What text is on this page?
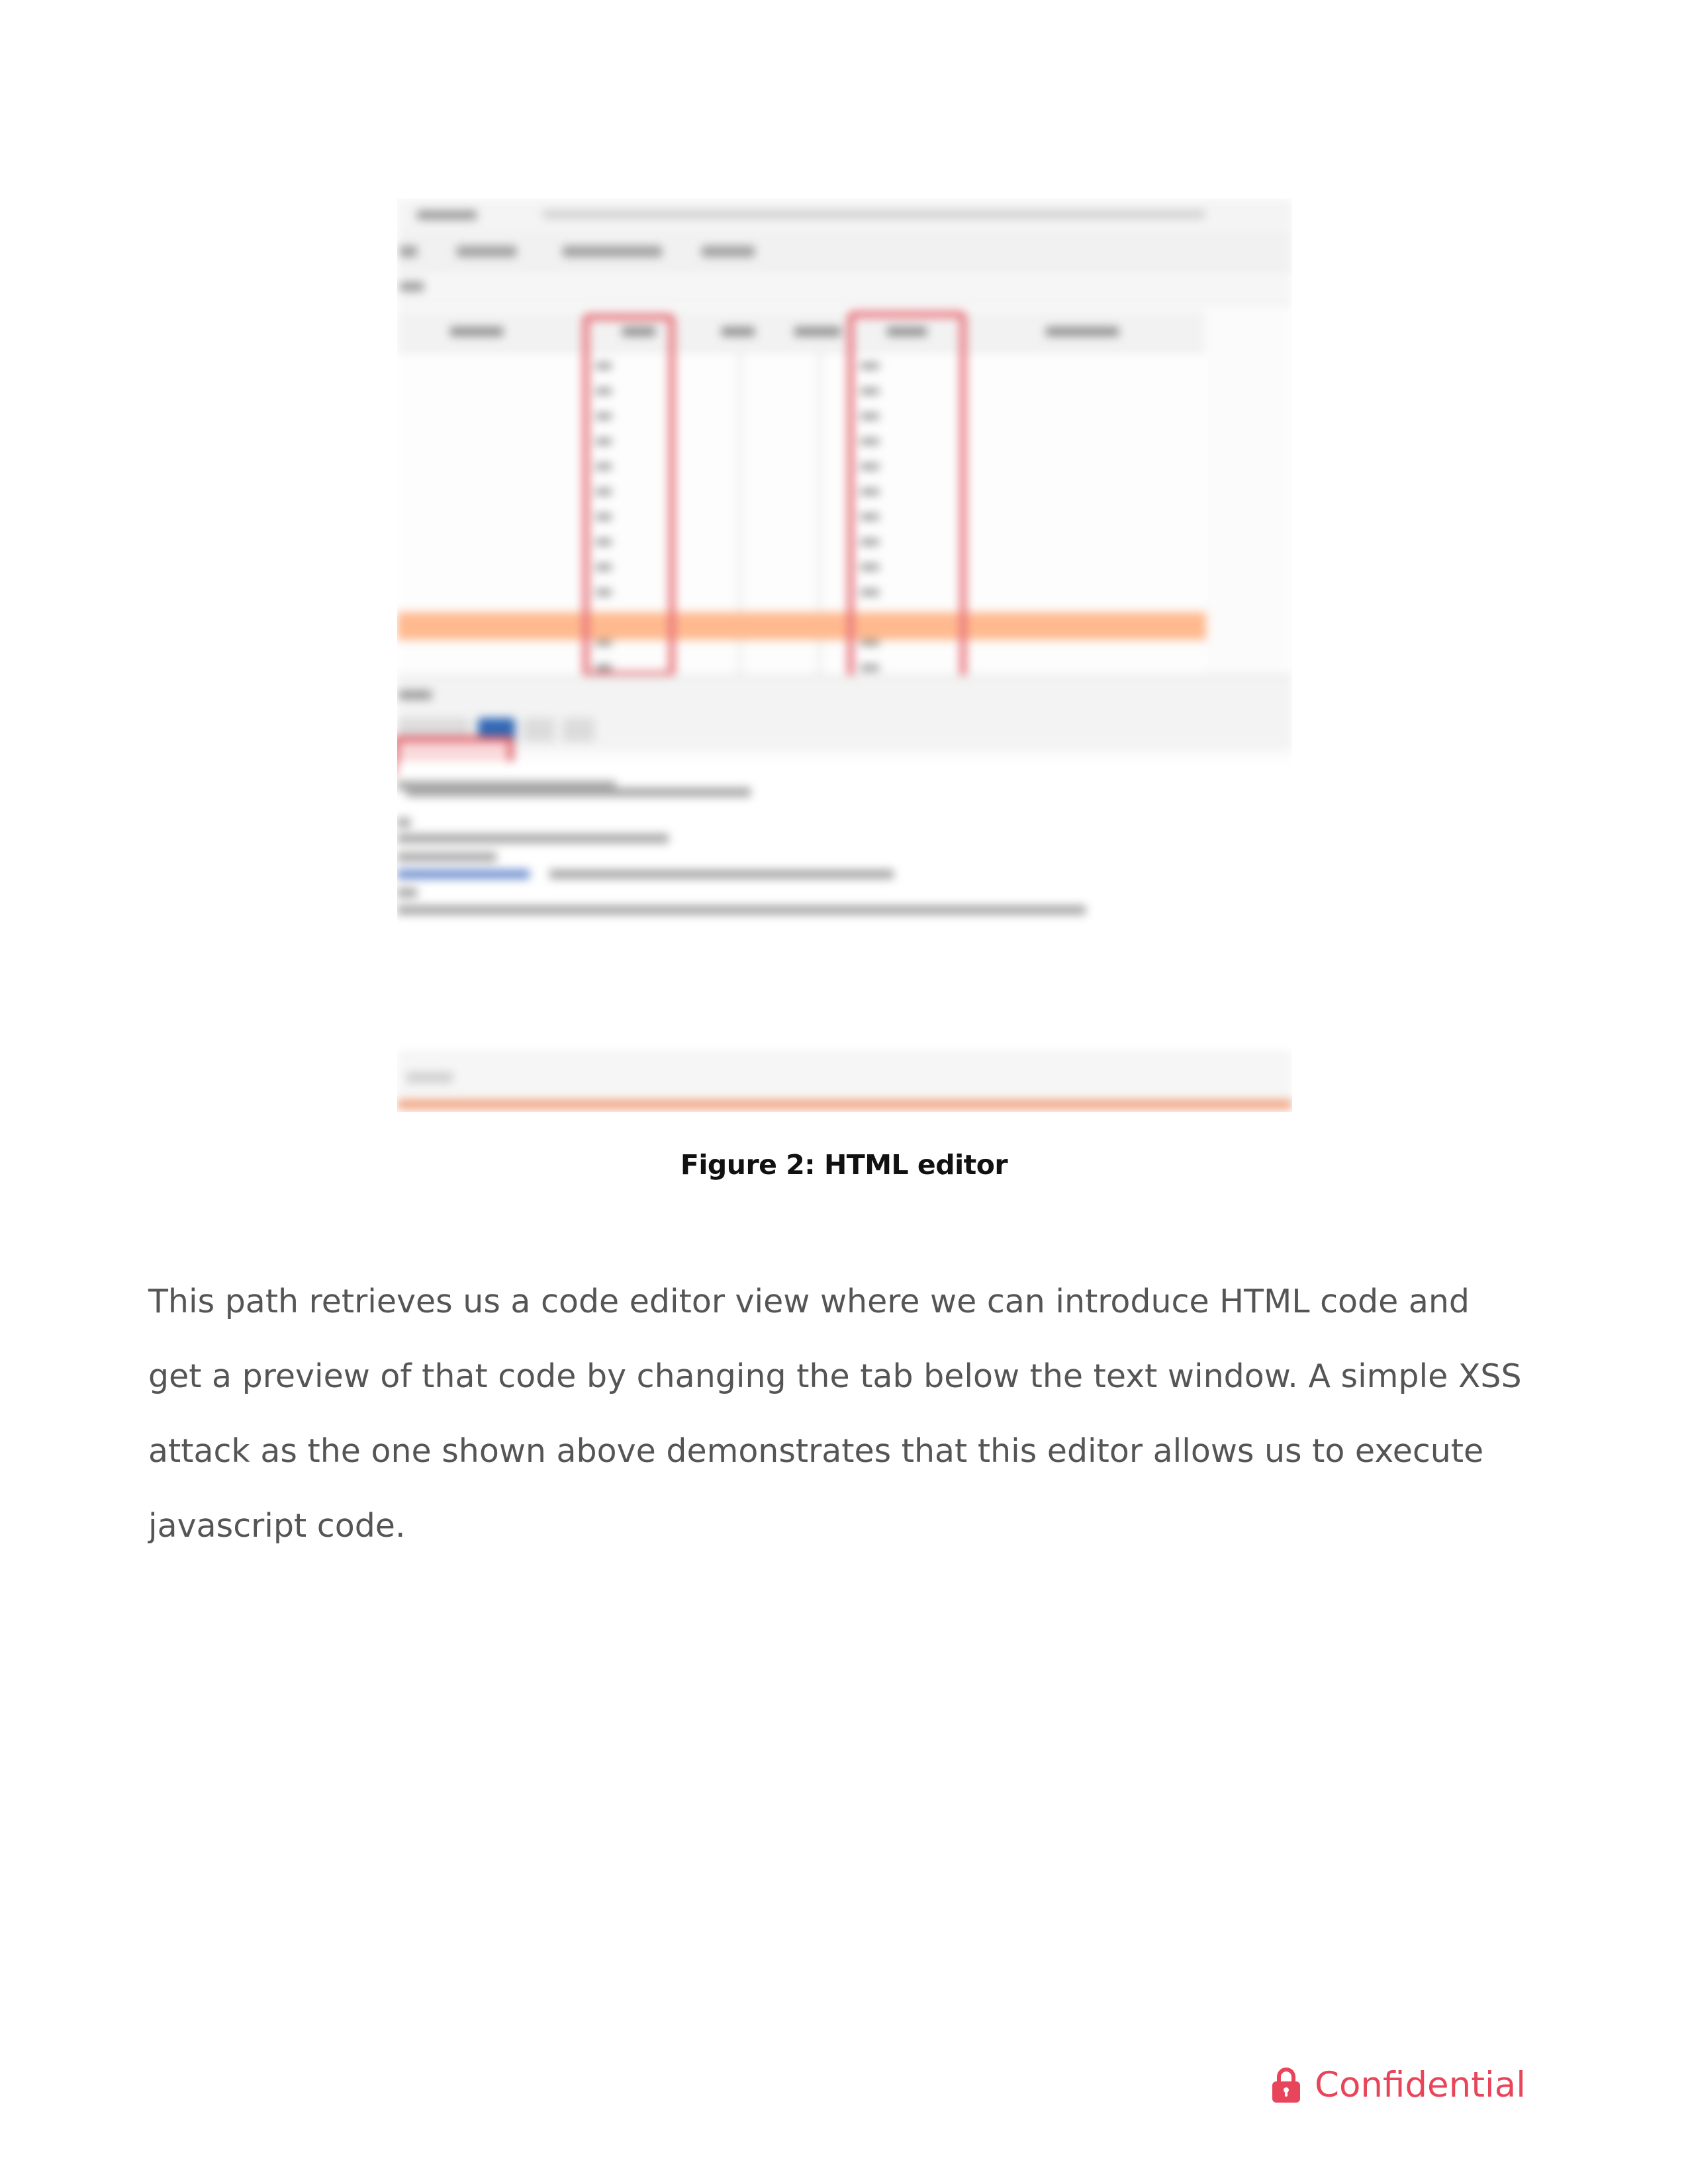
Figure 2: HTML editor
This path retrieves us a code editor view where we can introduce HTML code and
get a preview of that code by changing the tab below the text window. A simple XSS
attack as the one shown above demonstrates that this editor allows us to execute
javascript code.
Confidential
